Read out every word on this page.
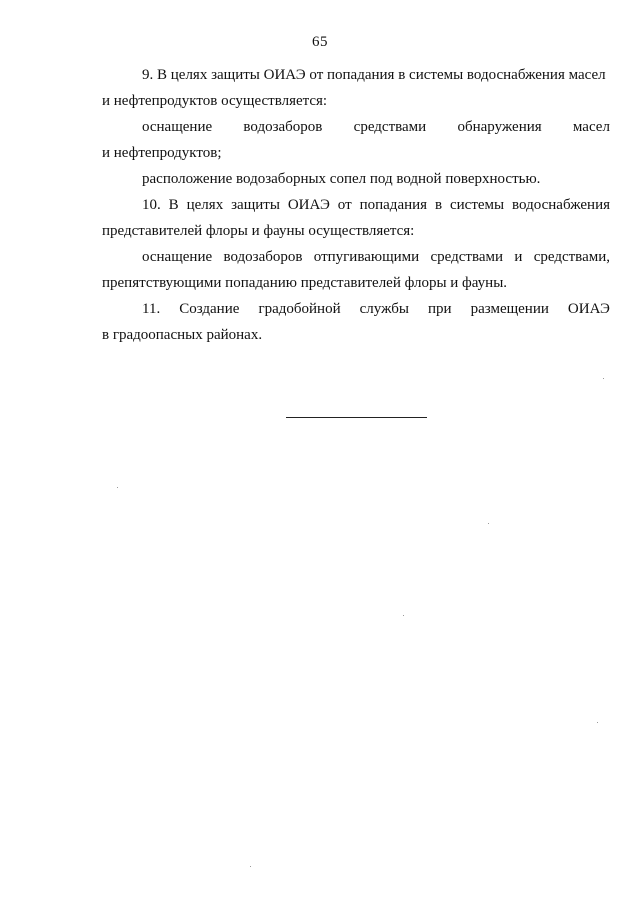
65

9. В целях защиты ОИАЭ от попадания в системы водоснабжения масел

и нефтепродуктов осуществляется:

оснащение водозаборов средствами обнаружения масел

и нефтепродуктов;

расположение водозаборных сопел под водной поверхностью.

10. В целях защиты ОИАЭ от попадания в системы водоснабжения

представителей флоры и фауны осуществляется:

оснащение водозаборов отпугивающими средствами и средствами,

препятствующими попаданию представителей флоры и фауны.

11. Создание градобойной службы при размещении ОИАЭ

в градоопасных районах.
